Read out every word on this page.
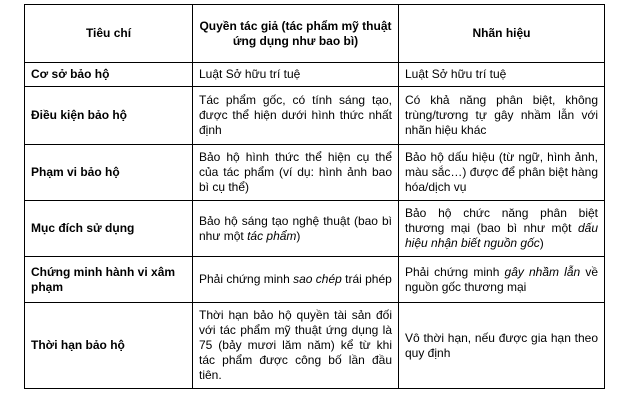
Tiêu chí	Quyền tác giả (tác phẩm mỹ thuật ứng dụng như bao bì)	Nhãn hiệu
Cơ sở bảo hộ	Luật Sở hữu trí tuệ	Luật Sở hữu trí tuệ
Điều kiện bảo hộ	Tác phẩm gốc, có tính sáng tạo, được thể hiện dưới hình thức nhất định	Có khả năng phân biệt, không trùng/tương tự gây nhầm lẫn với nhãn hiệu khác
Phạm vi bảo hộ	Bảo hộ hình thức thể hiện cụ thể của tác phẩm (ví dụ: hình ảnh bao bì cụ thể)	Bảo hộ dấu hiệu (từ ngữ, hình ảnh, màu sắc…) được để phân biệt hàng hóa/dịch vụ
Mục đích sử dụng	Bảo hộ sáng tạo nghệ thuật (bao bì như một tác phẩm)	Bảo hộ chức năng phân biệt thương mại (bao bì như một dấu hiệu nhận biết nguồn gốc)
Chứng minh hành vi xâm phạm	Phải chứng minh sao chép trái phép	Phải chứng minh gây nhầm lẫn về nguồn gốc thương mại
Thời hạn bảo hộ	Thời hạn bảo hộ quyền tài sản đối với tác phẩm mỹ thuật ứng dụng là 75 (bảy mươi lăm năm) kể từ khi tác phẩm được công bố lần đầu tiên.	Vô thời hạn, nếu được gia hạn theo quy định
